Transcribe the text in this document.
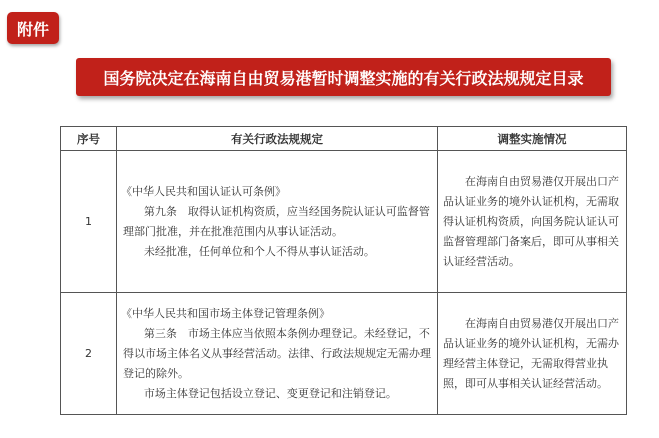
附件
国务院决定在海南自由贸易港暂时调整实施的有关行政法规规定目录
序号	有关行政法规规定	调整实施情况
1	《中华人民共和国认证认可条例》

第九条　取得认证机构资质，应当经国务院认证认可监督管理部门批准，并在批准范围内从事认证活动。

未经批准，任何单位和个人不得从事认证活动。	在海南自由贸易港仅开展出口产品认证业务的境外认证机构，无需取得认证机构资质，向国务院认证认可监督管理部门备案后，即可从事相关认证经营活动。
2	《中华人民共和国市场主体登记管理条例》

第三条　市场主体应当依照本条例办理登记。未经登记，不得以市场主体名义从事经营活动。法律、行政法规规定无需办理登记的除外。

市场主体登记包括设立登记、变更登记和注销登记。	在海南自由贸易港仅开展出口产品认证业务的境外认证机构，无需办理经营主体登记，无需取得营业执照，即可从事相关认证经营活动。
